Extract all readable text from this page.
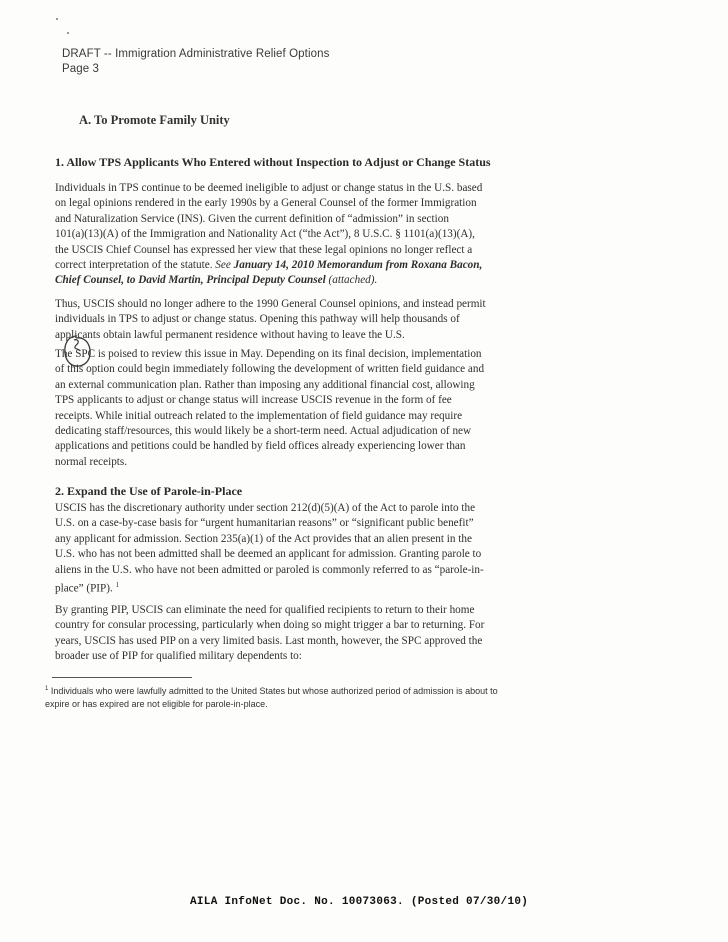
DRAFT -- Immigration Administrative Relief Options
Page 3
A. To Promote Family Unity
1. Allow TPS Applicants Who Entered without Inspection to Adjust or Change Status
Individuals in TPS continue to be deemed ineligible to adjust or change status in the U.S. based
on legal opinions rendered in the early 1990s by a General Counsel of the former Immigration
and Naturalization Service (INS). Given the current definition of “admission” in section
101(a)(13)(A) of the Immigration and Nationality Act (“the Act”), 8 U.S.C. § 1101(a)(13)(A),
the USCIS Chief Counsel has expressed her view that these legal opinions no longer reflect a
correct interpretation of the statute. See January 14, 2010 Memorandum from Roxana Bacon,
Chief Counsel, to David Martin, Principal Deputy Counsel (attached).
Thus, USCIS should no longer adhere to the 1990 General Counsel opinions, and instead permit
individuals in TPS to adjust or change status. Opening this pathway will help thousands of
applicants obtain lawful permanent residence without having to leave the U.S.
The SPC is poised to review this issue in May. Depending on its final decision, implementation
of this option could begin immediately following the development of written field guidance and
an external communication plan. Rather than imposing any additional financial cost, allowing
TPS applicants to adjust or change status will increase USCIS revenue in the form of fee
receipts. While initial outreach related to the implementation of field guidance may require
dedicating staff/resources, this would likely be a short-term need. Actual adjudication of new
applications and petitions could be handled by field offices already experiencing lower than
normal receipts.
2. Expand the Use of Parole-in-Place
USCIS has the discretionary authority under section 212(d)(5)(A) of the Act to parole into the
U.S. on a case-by-case basis for “urgent humanitarian reasons” or “significant public benefit”
any applicant for admission. Section 235(a)(1) of the Act provides that an alien present in the
U.S. who has not been admitted shall be deemed an applicant for admission. Granting parole to
aliens in the U.S. who have not been admitted or paroled is commonly referred to as “parole-in-
place” (PIP). $^1$
By granting PIP, USCIS can eliminate the need for qualified recipients to return to their home
country for consular processing, particularly when doing so might trigger a bar to returning. For
years, USCIS has used PIP on a very limited basis. Last month, however, the SPC approved the
broader use of PIP for qualified military dependents to:
$^1$ Individuals who were lawfully admitted to the United States but whose authorized period of admission is about to
expire or has expired are not eligible for parole-in-place.
AILA InfoNet Doc. No. 10073063. (Posted 07/30/10)
